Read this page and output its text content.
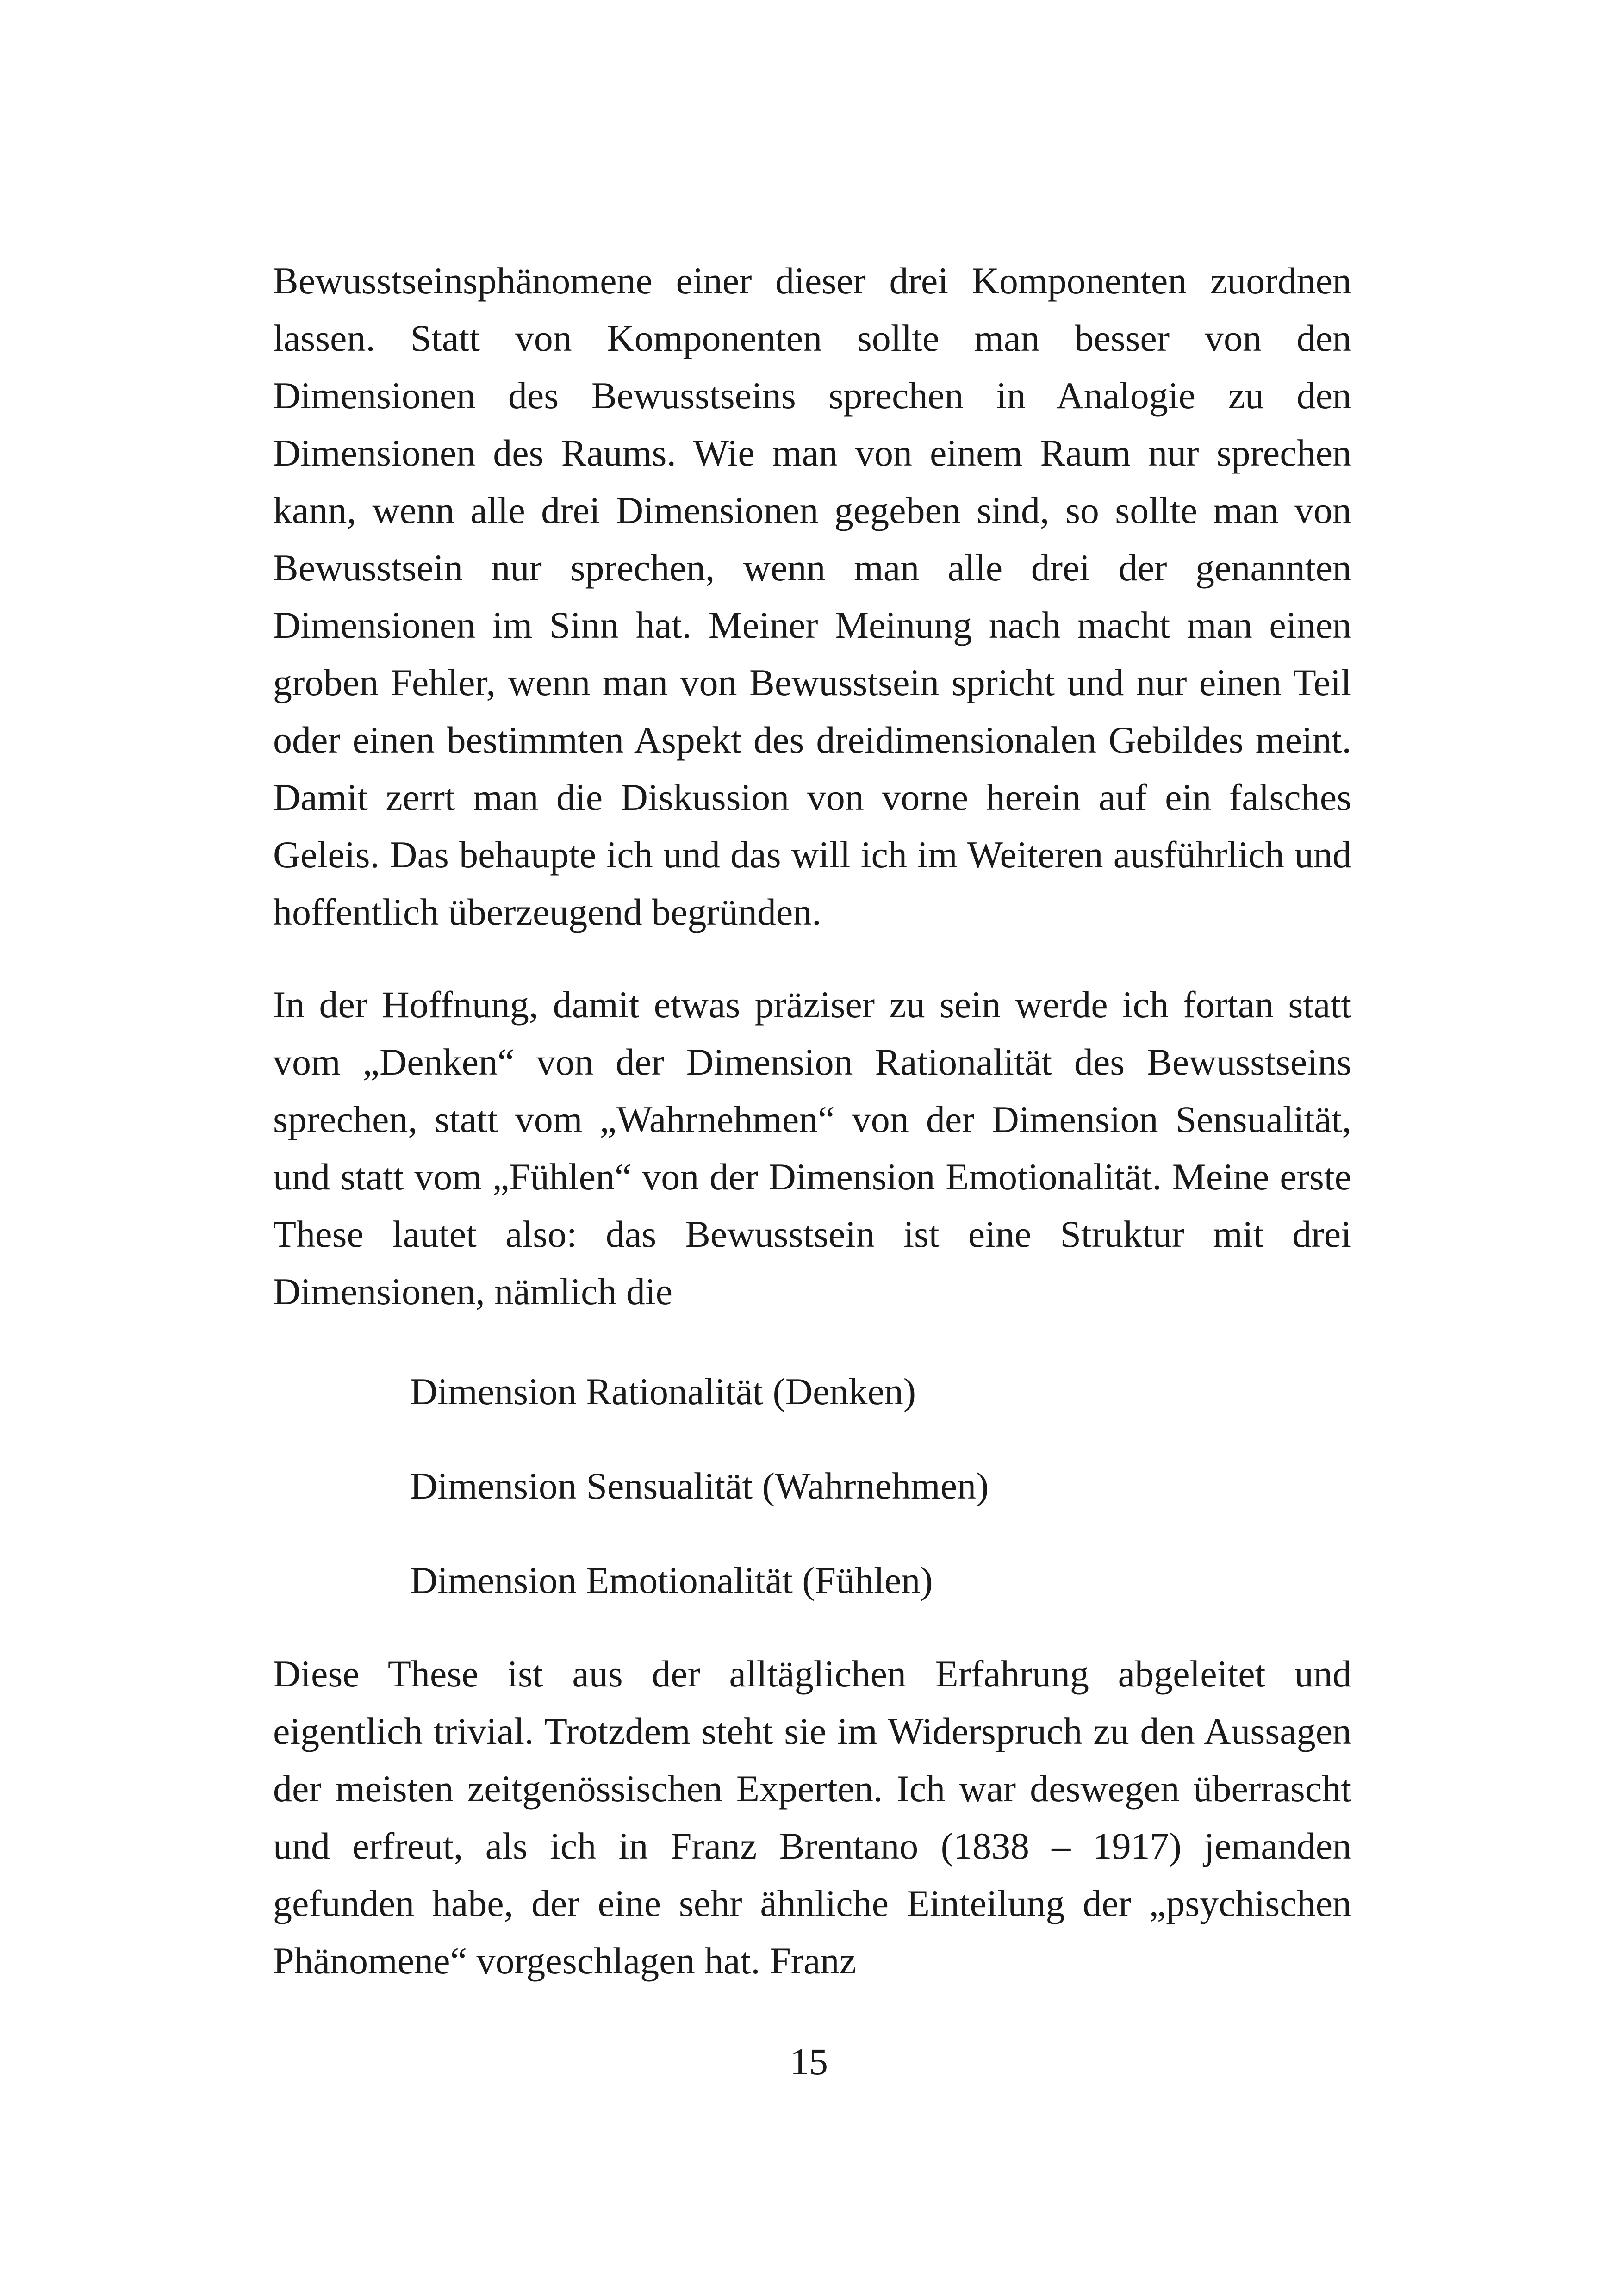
Bewusstseinsphänomene einer dieser drei Komponenten zuordnen lassen. Statt von Komponenten sollte man besser von den Dimensionen des Bewusstseins sprechen in Analogie zu den Dimensionen des Raums. Wie man von einem Raum nur sprechen kann, wenn alle drei Dimensionen gegeben sind, so sollte man von Bewusstsein nur sprechen, wenn man alle drei der genannten Dimensionen im Sinn hat. Meiner Meinung nach macht man einen groben Fehler, wenn man von Bewusstsein spricht und nur einen Teil oder einen bestimmten Aspekt des dreidimensionalen Gebildes meint. Damit zerrt man die Diskussion von vorne herein auf ein falsches Geleis. Das behaupte ich und das will ich im Weiteren ausführlich und hoffentlich überzeugend begründen.

In der Hoffnung, damit etwas präziser zu sein werde ich fortan statt vom „Denken“ von der Dimension Rationalität des Bewusstseins sprechen, statt vom „Wahrnehmen“ von der Dimension Sensualität, und statt vom „Fühlen“ von der Dimension Emotionalität. Meine erste These lautet also: das Bewusstsein ist eine Struktur mit drei Dimensionen, nämlich die

Dimension Rationalität (Denken)
Dimension Sensualität (Wahrnehmen)
Dimension Emotionalität (Fühlen)

Diese These ist aus der alltäglichen Erfahrung abgeleitet und eigentlich trivial. Trotzdem steht sie im Widerspruch zu den Aussagen der meisten zeitgenössischen Experten. Ich war deswegen überrascht und erfreut, als ich in Franz Brentano (1838 – 1917) jemanden gefunden habe, der eine sehr ähnliche Einteilung der „psychischen Phänomene“ vorgeschlagen hat. Franz

15
